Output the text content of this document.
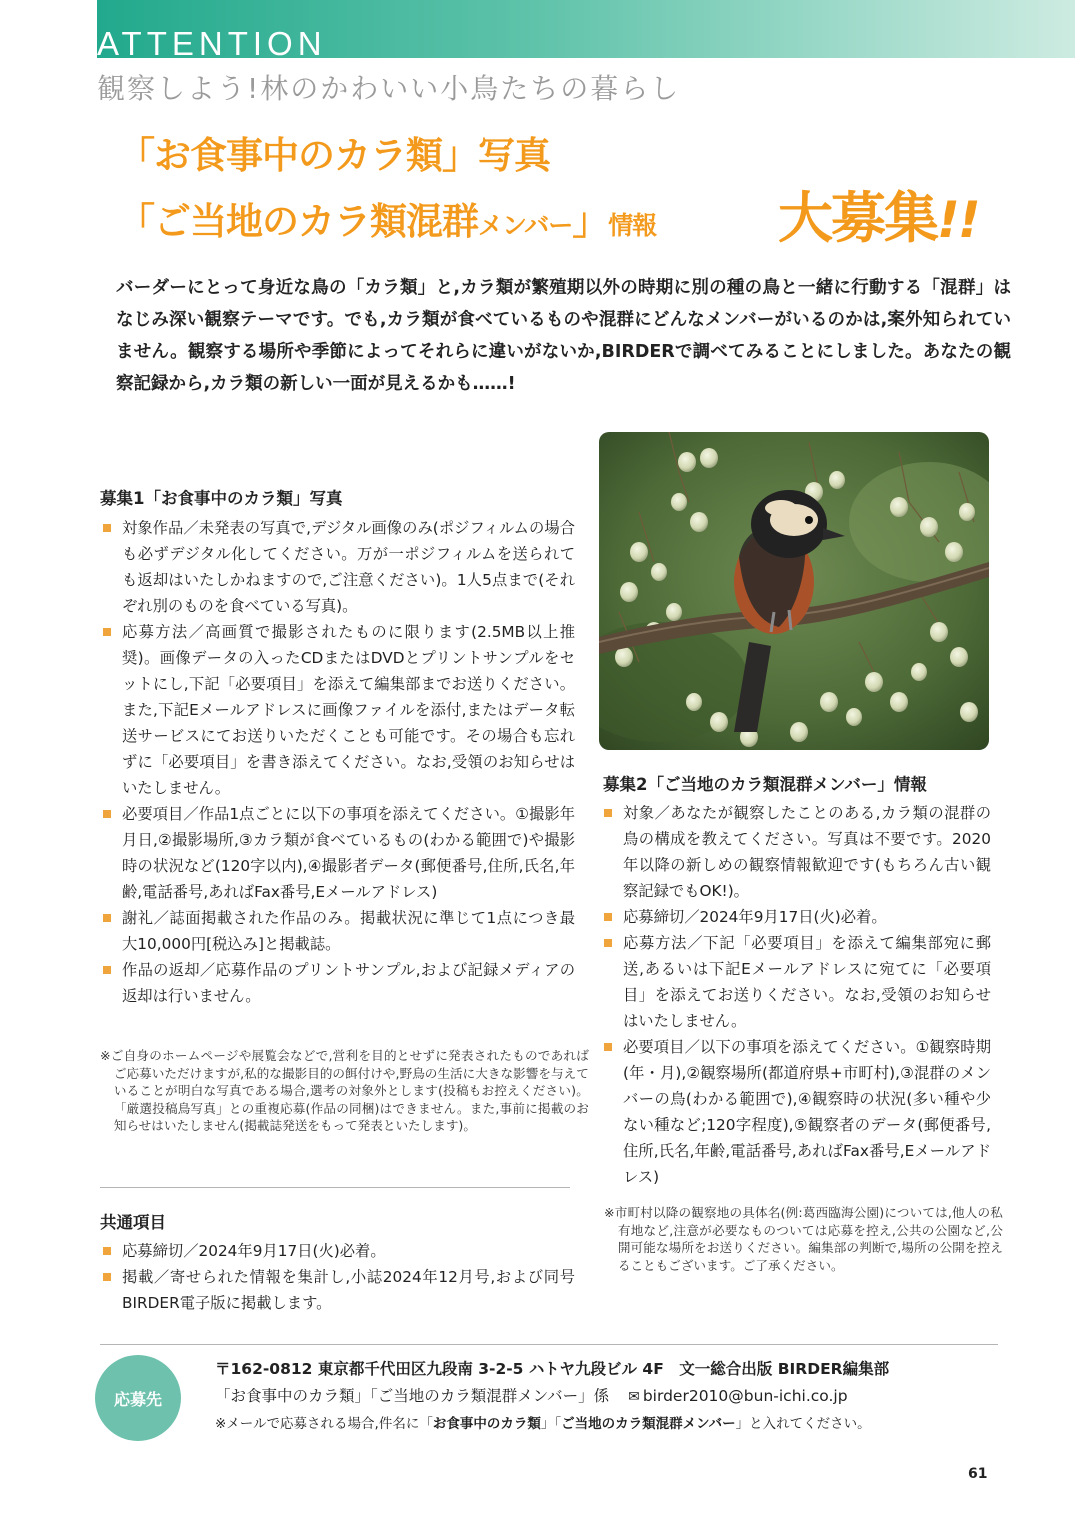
ATTENTION
観察しよう!林のかわいい小鳥たちの暮らし
「お食事中のカラ類」写真
「ご当地のカラ類混群メンバー」情報 大募集!!
バーダーにとって身近な鳥の「カラ類」と,カラ類が繁殖期以外の時期に別の種の鳥と一緒に行動する「混群」はなじみ深い観察テーマです。でも,カラ類が食べているものや混群にどんなメンバーがいるのかは,案外知られていません。観察する場所や季節によってそれらに違いがないか,BIRDERで調べてみることにしました。あなたの観察記録から,カラ類の新しい一面が見えるかも……!
募集1「お食事中のカラ類」写真
対象作品／未発表の写真で,デジタル画像のみ(ポジフィルムの場合も必ずデジタル化してください。万が一ポジフィルムを送られても返却はいたしかねますので,ご注意ください)。1人5点まで(それぞれ別のものを食べている写真)。
応募方法／高画質で撮影されたものに限ります(2.5MB以上推奨)。画像データの入ったCDまたはDVDとプリントサンプルをセットにし,下記「必要項目」を添えて編集部までお送りください。また,下記Eメールアドレスに画像ファイルを添付,またはデータ転送サービスにてお送りいただくことも可能です。その場合も忘れずに「必要項目」を書き添えてください。なお,受領のお知らせはいたしません。
必要項目／作品1点ごとに以下の事項を添えてください。①撮影年月日,②撮影場所,③カラ類が食べているもの(わかる範囲で)や撮影時の状況など(120字以内),④撮影者データ(郵便番号,住所,氏名,年齢,電話番号,あればFax番号,Eメールアドレス)
謝礼／誌面掲載された作品のみ。掲載状況に準じて1点につき最大10,000円[税込み]と掲載誌。
作品の返却／応募作品のプリントサンプル,および記録メディアの返却は行いません。
※ご自身のホームページや展覧会などで,営利を目的とせずに発表されたものであればご応募いただけますが,私的な撮影目的の餌付けや,野鳥の生活に大きな影響を与えていることが明白な写真である場合,選考の対象外とします(投稿もお控えください)。「厳選投稿鳥写真」との重複応募(作品の同梱)はできません。また,事前に掲載のお知らせはいたしません(掲載誌発送をもって発表といたします)。
共通項目
応募締切／2024年9月17日(火)必着。
掲載／寄せられた情報を集計し,小誌2024年12月号,および同号BIRDER電子版に掲載します。
募集2「ご当地のカラ類混群メンバー」情報
対象／あなたが観察したことのある,カラ類の混群の鳥の構成を教えてください。写真は不要です。2020年以降の新しめの観察情報歓迎です(もちろん古い観察記録でもOK!)。
応募締切／2024年9月17日(火)必着。
応募方法／下記「必要項目」を添えて編集部宛に郵送,あるいは下記Eメールアドレスに宛てに「必要項目」を添えてお送りください。なお,受領のお知らせはいたしません。
必要項目／以下の事項を添えてください。①観察時期(年・月),②観察場所(都道府県+市町村),③混群のメンバーの鳥(わかる範囲で),④観察時の状況(多い種や少ない種など;120字程度),⑤観察者のデータ(郵便番号,住所,氏名,年齢,電話番号,あればFax番号,Eメールアドレス)
※市町村以降の観察地の具体名(例:葛西臨海公園)については,他人の私有地など,注意が必要なものついては応募を控え,公共の公園など,公開可能な場所をお送りください。編集部の判断で,場所の公開を控えることもございます。ご了承ください。
応募先
〒162-0812 東京都千代田区九段南 3-2-5 ハトヤ九段ビル 4F　文一総合出版 BIRDER編集部
「お食事中のカラ類」「ご当地のカラ類混群メンバー」係 ✉ birder2010@bun-ichi.co.jp
※メールで応募される場合,件名に「お食事中のカラ類」「ご当地のカラ類混群メンバー」と入れてください。
61
